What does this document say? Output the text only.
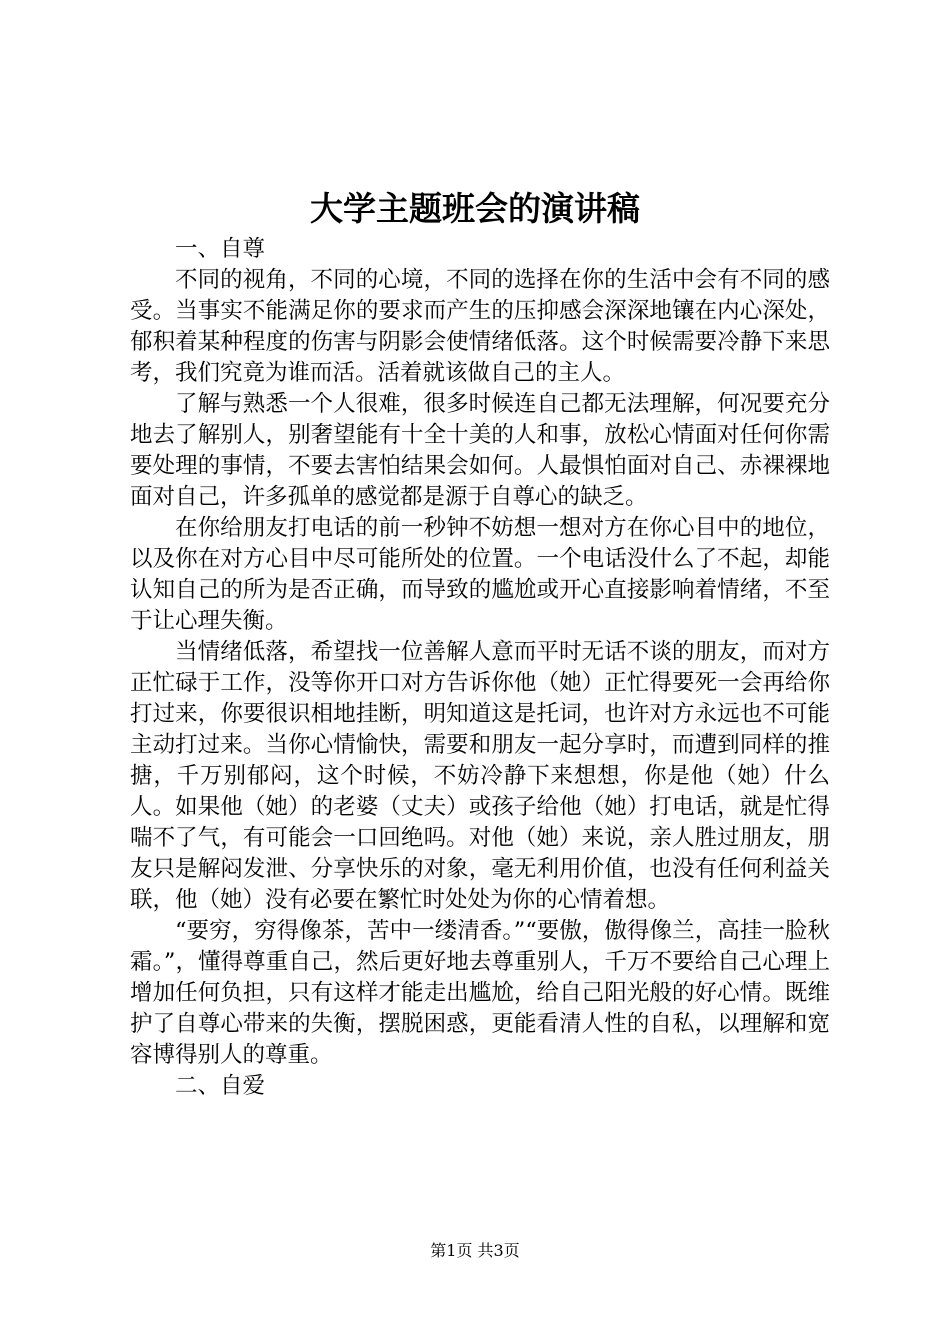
大学主题班会的演讲稿

一、自尊

不同的视角，不同的心境，不同的选择在你的生活中会有不同的感受。当事实不能满足你的要求而产生的压抑感会深深地镶在内心深处，郁积着某种程度的伤害与阴影会使情绪低落。这个时候需要冷静下来思考，我们究竟为谁而活。活着就该做自己的主人。

了解与熟悉一个人很难，很多时候连自己都无法理解，何况要充分地去了解别人，别奢望能有十全十美的人和事，放松心情面对任何你需要处理的事情，不要去害怕结果会如何。人最惧怕面对自己、赤裸裸地面对自己，许多孤单的感觉都是源于自尊心的缺乏。

在你给朋友打电话的前一秒钟不妨想一想对方在你心目中的地位，以及你在对方心目中尽可能所处的位置。一个电话没什么了不起，却能认知自己的所为是否正确，而导致的尴尬或开心直接影响着情绪，不至于让心理失衡。

当情绪低落，希望找一位善解人意而平时无话不谈的朋友，而对方正忙碌于工作，没等你开口对方告诉你他（她）正忙得要死一会再给你打过来，你要很识相地挂断，明知道这是托词，也许对方永远也不可能主动打过来。当你心情愉快，需要和朋友一起分享时，而遭到同样的推搪，千万别郁闷，这个时候，不妨冷静下来想想，你是他（她）什么人。如果他（她）的老婆（丈夫）或孩子给他（她）打电话，就是忙得喘不了气，有可能会一口回绝吗。对他（她）来说，亲人胜过朋友，朋友只是解闷发泄、分享快乐的对象，毫无利用价值，也没有任何利益关联，他（她）没有必要在繁忙时处处为你的心情着想。

“要穷，穷得像茶，苦中一缕清香。”“要傲，傲得像兰，高挂一脸秋霜。”，懂得尊重自己，然后更好地去尊重别人，千万不要给自己心理上增加任何负担，只有这样才能走出尴尬，给自己阳光般的好心情。既维护了自尊心带来的失衡，摆脱困惑，更能看清人性的自私，以理解和宽容博得别人的尊重。

二、自爱

第1页 共3页
